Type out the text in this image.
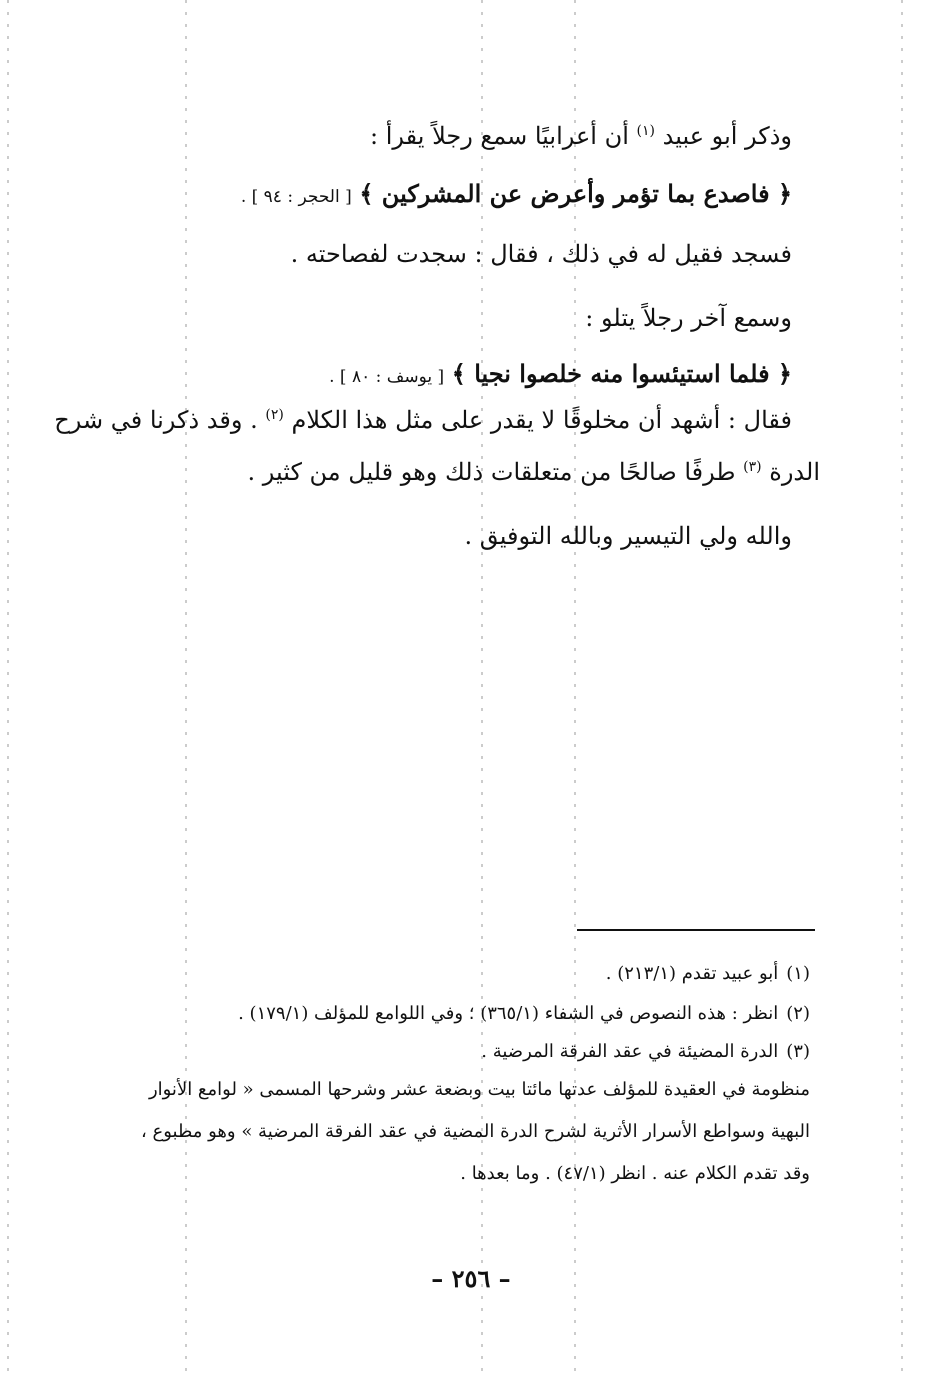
وذكر أبو عبيد $^{(١)}$ أن أعرابيًا سمع رجلاً يقرأ :
﴿ فاصدع بما تؤمر وأعرض عن المشركين ﴾ [ الحجر : ٩٤ ] .
فسجد فقيل له في ذلك ، فقال : سجدت لفصاحته .
وسمع آخر رجلاً يتلو :
﴿ فلما استيئسوا منه خلصوا نجيا ﴾ [ يوسف : ٨٠ ] .
فقال : أشهد أن مخلوقًا لا يقدر على مثل هذا الكلام $^{(٢)}$ . وقد ذكرنا في شرح
الدرة $^{(٣)}$ طرفًا صالحًا من متعلقات ذلك وهو قليل من كثير .
والله ولي التيسير وبالله التوفيق .
(١)أبو عبيد تقدم (٢١٣/١) .
(٢)انظر : هذه النصوص في الشفاء (٣٦٥/١) ؛ وفي اللوامع للمؤلف (١٧٩/١) .
(٣)الدرة المضيئة في عقد الفرقة المرضية .
منظومة في العقيدة للمؤلف عدتها مائتا بيت وبضعة عشر وشرحها المسمى « لوامع الأنوار
البهية وسواطع الأسرار الأثرية لشرح الدرة المضية في عقد الفرقة المرضية » وهو مطبوع ،
وقد تقدم الكلام عنه . انظر (٤٧/١) . وما بعدها .
– ٢٥٦ –
